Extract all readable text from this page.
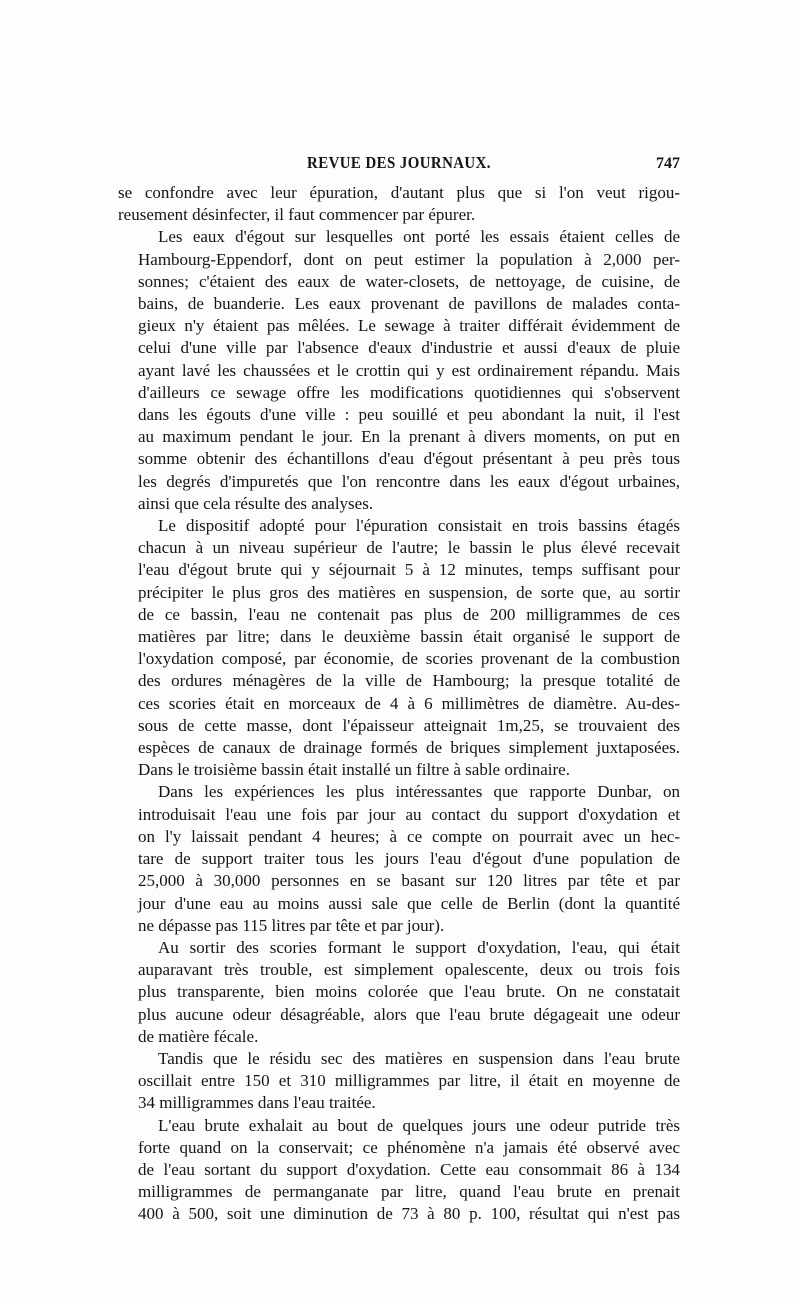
REVUE DES JOURNAUX.	747
se confondre avec leur épuration, d'autant plus que si l'on veut rigou-
reusement désinfecter, il faut commencer par épurer.
Les eaux d'égout sur lesquelles ont porté les essais étaient celles de
Hambourg-Eppendorf, dont on peut estimer la population à 2,000 per-
sonnes; c'étaient des eaux de water-closets, de nettoyage, de cuisine, de
bains, de buanderie. Les eaux provenant de pavillons de malades conta-
gieux n'y étaient pas mêlées. Le sewage à traiter différait évidemment de
celui d'une ville par l'absence d'eaux d'industrie et aussi d'eaux de pluie
ayant lavé les chaussées et le crottin qui y est ordinairement répandu. Mais
d'ailleurs ce sewage offre les modifications quotidiennes qui s'observent
dans les égouts d'une ville : peu souillé et peu abondant la nuit, il l'est
au maximum pendant le jour. En la prenant à divers moments, on put en
somme obtenir des échantillons d'eau d'égout présentant à peu près tous
les degrés d'impuretés que l'on rencontre dans les eaux d'égout urbaines,
ainsi que cela résulte des analyses.
Le dispositif adopté pour l'épuration consistait en trois bassins étagés
chacun à un niveau supérieur de l'autre; le bassin le plus élevé recevait
l'eau d'égout brute qui y séjournait 5 à 12 minutes, temps suffisant pour
précipiter le plus gros des matières en suspension, de sorte que, au sortir
de ce bassin, l'eau ne contenait pas plus de 200 milligrammes de ces
matières par litre; dans le deuxième bassin était organisé le support de
l'oxydation composé, par économie, de scories provenant de la combustion
des ordures ménagères de la ville de Hambourg; la presque totalité de
ces scories était en morceaux de 4 à 6 millimètres de diamètre. Au-des-
sous de cette masse, dont l'épaisseur atteignait 1m,25, se trouvaient des
espèces de canaux de drainage formés de briques simplement juxtaposées.
Dans le troisième bassin était installé un filtre à sable ordinaire.
Dans les expériences les plus intéressantes que rapporte Dunbar, on
introduisait l'eau une fois par jour au contact du support d'oxydation et
on l'y laissait pendant 4 heures; à ce compte on pourrait avec un hec-
tare de support traiter tous les jours l'eau d'égout d'une population de
25,000 à 30,000 personnes en se basant sur 120 litres par tête et par
jour d'une eau au moins aussi sale que celle de Berlin (dont la quantité
ne dépasse pas 115 litres par tête et par jour).
Au sortir des scories formant le support d'oxydation, l'eau, qui était
auparavant très trouble, est simplement opalescente, deux ou trois fois
plus transparente, bien moins colorée que l'eau brute. On ne constatait
plus aucune odeur désagréable, alors que l'eau brute dégageait une odeur
de matière fécale.
Tandis que le résidu sec des matières en suspension dans l'eau brute
oscillait entre 150 et 310 milligrammes par litre, il était en moyenne de
34 milligrammes dans l'eau traitée.
L'eau brute exhalait au bout de quelques jours une odeur putride très
forte quand on la conservait; ce phénomène n'a jamais été observé avec
de l'eau sortant du support d'oxydation. Cette eau consommait 86 à 134
milligrammes de permanganate par litre, quand l'eau brute en prenait
400 à 500, soit une diminution de 73 à 80 p. 100, résultat qui n'est pas
